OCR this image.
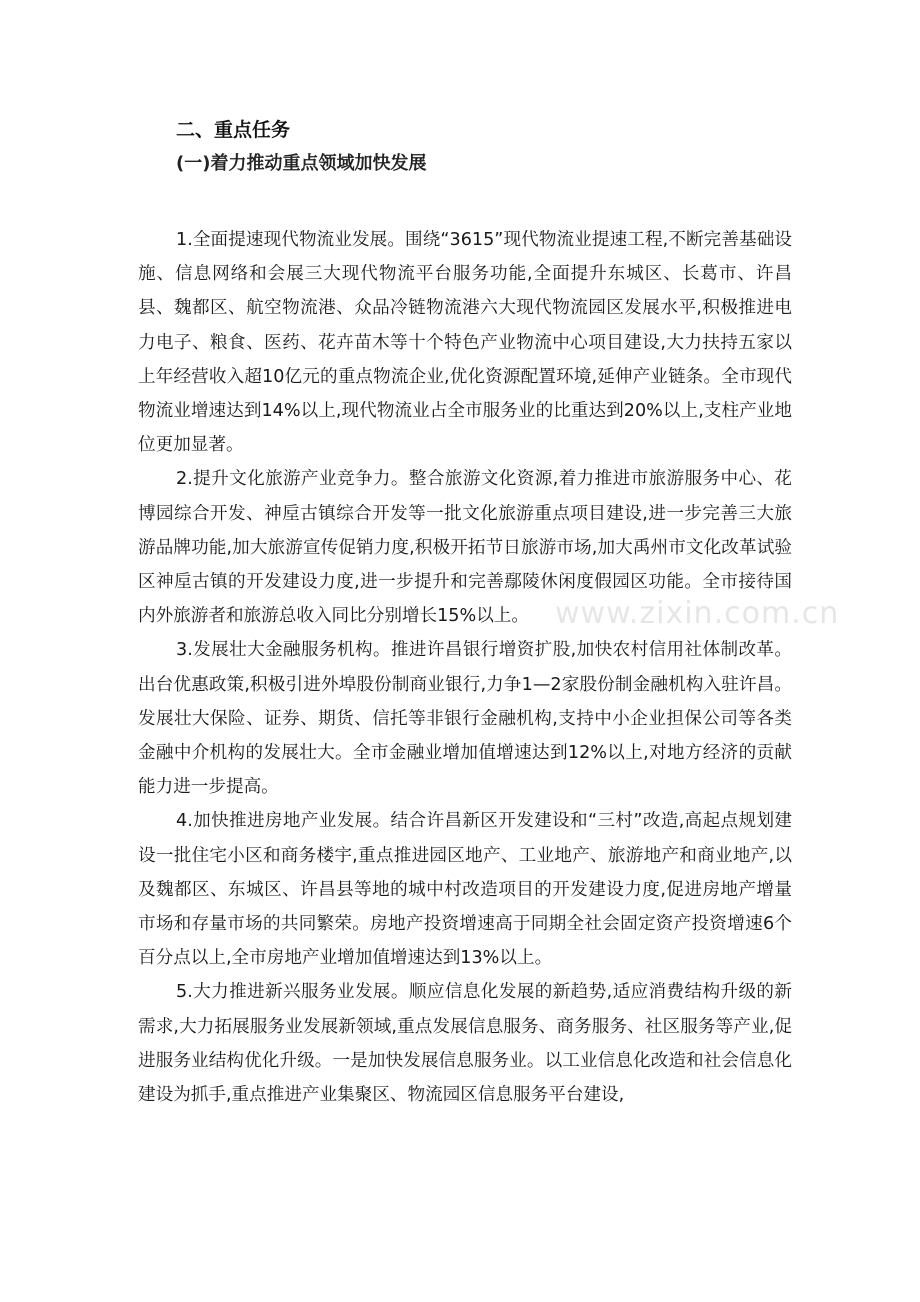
二、重点任务
(一)着力推动重点领域加快发展

1.全面提速现代物流业发展。围绕“3615”现代物流业提速工程,不断完善基础设施、信息网络和会展三大现代物流平台服务功能,全面提升东城区、长葛市、许昌县、魏都区、航空物流港、众品冷链物流港六大现代物流园区发展水平,积极推进电力电子、粮食、医药、花卉苗木等十个特色产业物流中心项目建设,大力扶持五家以上年经营收入超10亿元的重点物流企业,优化资源配置环境,延伸产业链条。全市现代物流业增速达到14%以上,现代物流业占全市服务业的比重达到20%以上,支柱产业地位更加显著。

2.提升文化旅游产业竞争力。整合旅游文化资源,着力推进市旅游服务中心、花博园综合开发、神垕古镇综合开发等一批文化旅游重点项目建设,进一步完善三大旅游品牌功能,加大旅游宣传促销力度,积极开拓节日旅游市场,加大禹州市文化改革试验区神垕古镇的开发建设力度,进一步提升和完善鄢陵休闲度假园区功能。全市接待国内外旅游者和旅游总收入同比分别增长15%以上。

3.发展壮大金融服务机构。推进许昌银行增资扩股,加快农村信用社体制改革。出台优惠政策,积极引进外埠股份制商业银行,力争1—2家股份制金融机构入驻许昌。发展壮大保险、证券、期货、信托等非银行金融机构,支持中小企业担保公司等各类金融中介机构的发展壮大。全市金融业增加值增速达到12%以上,对地方经济的贡献能力进一步提高。

4.加快推进房地产业发展。结合许昌新区开发建设和“三村”改造,高起点规划建设一批住宅小区和商务楼宇,重点推进园区地产、工业地产、旅游地产和商业地产,以及魏都区、东城区、许昌县等地的城中村改造项目的开发建设力度,促进房地产增量市场和存量市场的共同繁荣。房地产投资增速高于同期全社会固定资产投资增速6个百分点以上,全市房地产业增加值增速达到13%以上。

5.大力推进新兴服务业发展。顺应信息化发展的新趋势,适应消费结构升级的新需求,大力拓展服务业发展新领域,重点发展信息服务、商务服务、社区服务等产业,促进服务业结构优化升级。一是加快发展信息服务业。以工业信息化改造和社会信息化建设为抓手,重点推进产业集聚区、物流园区信息服务平台建设,

www.zixin.com.cn
